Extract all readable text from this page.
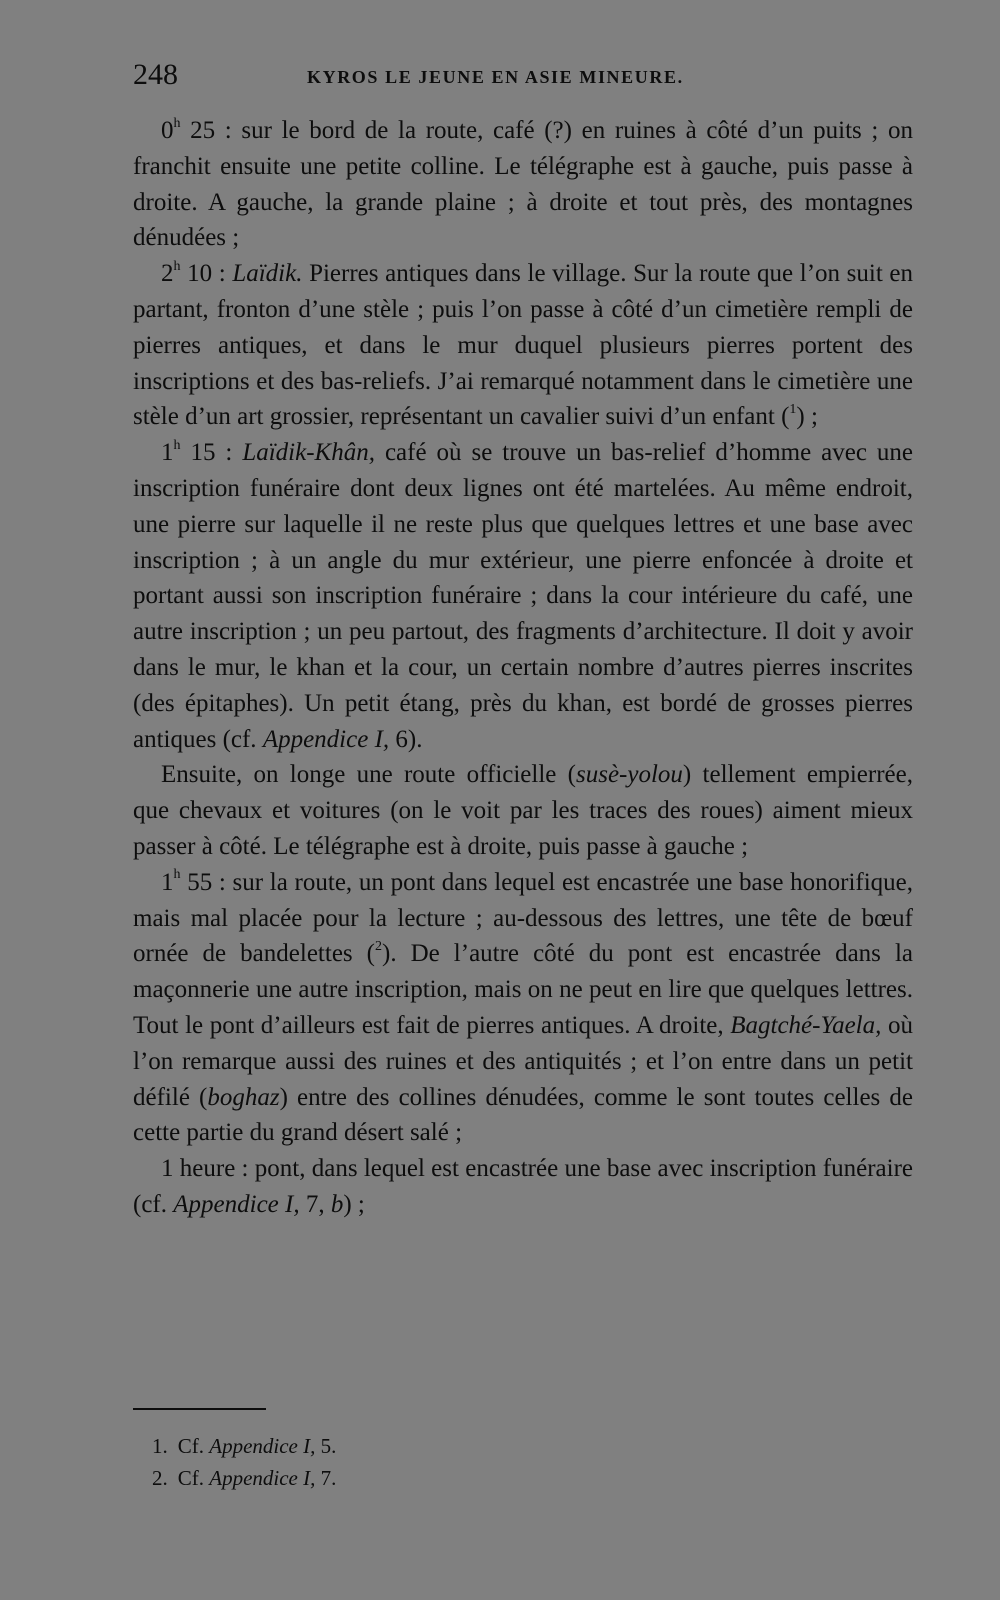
248	KYROS LE JEUNE EN ASIE MINEURE.

0$^h$ 25 : sur le bord de la route, café (?) en ruines à côté d’un puits ; on franchit ensuite une petite colline. Le télégraphe est à gauche, puis passe à droite. A gauche, la grande plaine ; à droite et tout près, des montagnes dénudées ;

2$^h$ 10 : Laïdik. Pierres antiques dans le village. Sur la route que l’on suit en partant, fronton d’une stèle ; puis l’on passe à côté d’un cimetière rempli de pierres antiques, et dans le mur duquel plusieurs pierres portent des inscriptions et des bas-reliefs. J’ai remarqué notamment dans le cimetière une stèle d’un art grossier, représentant un cavalier suivi d’un enfant ($^1$) ;

1$^h$ 15 : Laïdik-Khân, café où se trouve un bas-relief d’homme avec une inscription funéraire dont deux lignes ont été martelées. Au même endroit, une pierre sur laquelle il ne reste plus que quelques lettres et une base avec inscription ; à un angle du mur extérieur, une pierre enfoncée à droite et portant aussi son inscription funéraire ; dans la cour intérieure du café, une autre inscription ; un peu partout, des fragments d’architecture. Il doit y avoir dans le mur, le khan et la cour, un certain nombre d’autres pierres inscrites (des épitaphes). Un petit étang, près du khan, est bordé de grosses pierres antiques (cf. Appendice I, 6).

Ensuite, on longe une route officielle (susè-yolou) tellement empierrée, que chevaux et voitures (on le voit par les traces des roues) aiment mieux passer à côté. Le télégraphe est à droite, puis passe à gauche ;

1$^h$ 55 : sur la route, un pont dans lequel est encastrée une base honorifique, mais mal placée pour la lecture ; au-dessous des lettres, une tête de bœuf ornée de bandelettes ($^2$). De l’autre côté du pont est encastrée dans la maçonnerie une autre inscription, mais on ne peut en lire que quelques lettres. Tout le pont d’ailleurs est fait de pierres antiques. A droite, Bagtché-Yaela, où l’on remarque aussi des ruines et des antiquités ; et l’on entre dans un petit défilé (boghaz) entre des collines dénudées, comme le sont toutes celles de cette partie du grand désert salé ;

1 heure : pont, dans lequel est encastrée une base avec inscription funéraire (cf. Appendice I, 7, b) ;

1. Cf. Appendice I, 5.
2. Cf. Appendice I, 7.
